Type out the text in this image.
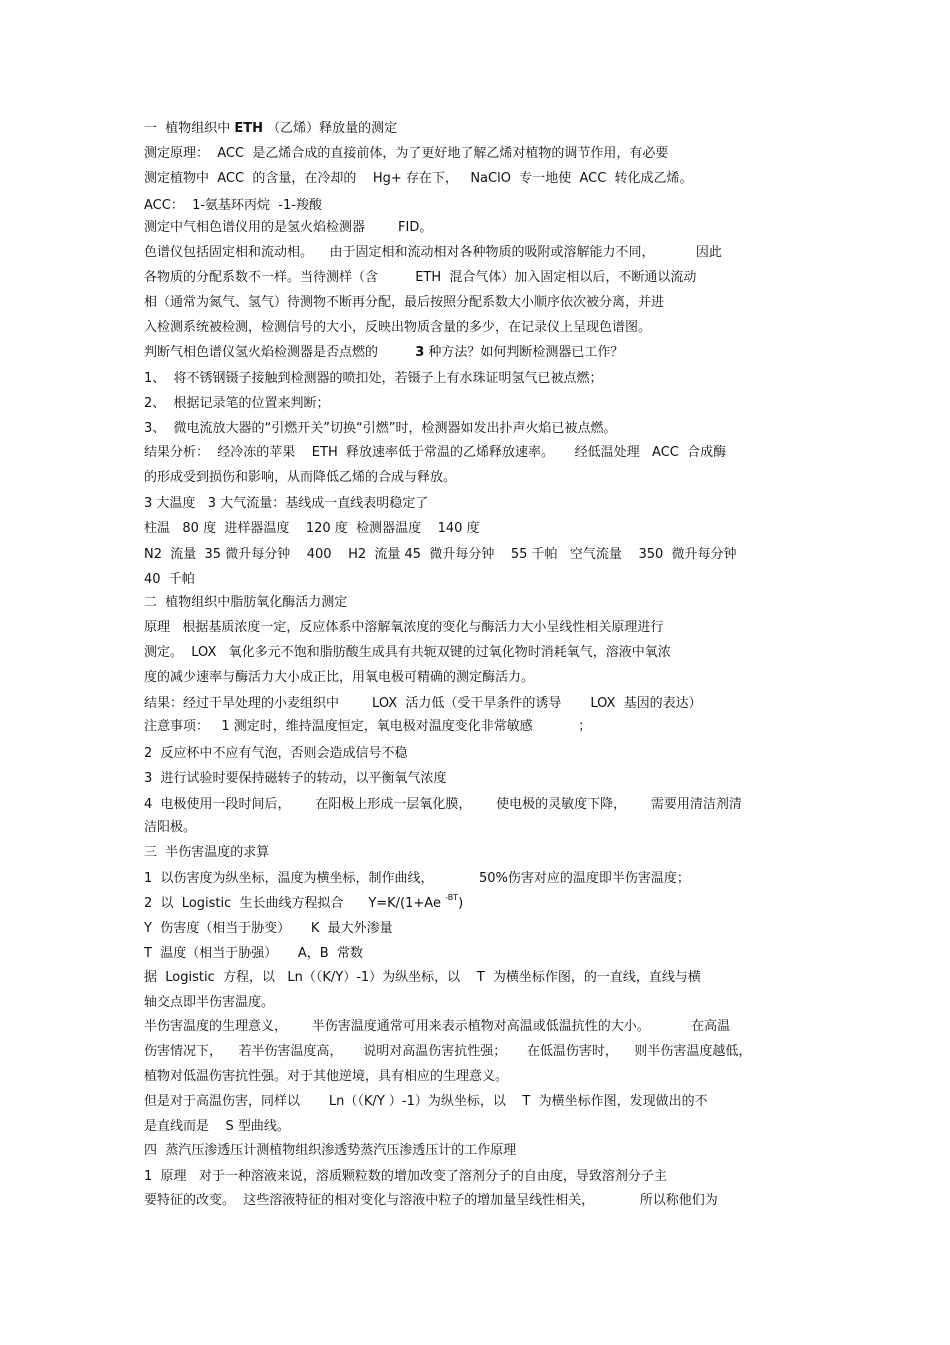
一  植物组织中 ETH （乙烯）释放量的测定
测定原理：  ACC  是乙烯合成的直接前体，为了更好地了解乙烯对植物的调节作用，有必要
测定植物中  ACC  的含量，在冷却的    Hg+ 存在下，   NaClO  专一地使  ACC  转化成乙烯。
ACC：  1-氨基环丙烷  -1-羧酸
测定中气相色谱仪用的是氢火焰检测器        FID。
色谱仪包括固定相和流动相。    由于固定相和流动相对各种物质的吸附或溶解能力不同，          因此
各物质的分配系数不一样。当待测样（含         ETH  混合气体）加入固定相以后，不断通以流动
相（通常为氮气、氢气）待测物不断再分配，最后按照分配系数大小顺序依次被分离，并进
入检测系统被检测，检测信号的大小，反映出物质含量的多少，在记录仪上呈现色谱图。
判断气相色谱仪氢火焰检测器是否点燃的         3 种方法？如何判断检测器已工作？
1、  将不锈钢镊子接触到检测器的喷扣处，若镊子上有水珠证明氢气已被点燃；
2、  根据记录笔的位置来判断；
3、  微电流放大器的“引燃开关”切换“引燃”时，检测器如发出扑声火焰已被点燃。
结果分析：  经冷冻的苹果    ETH  释放速率低于常温的乙烯释放速率。     经低温处理   ACC  合成酶
的形成受到损伤和影响，从而降低乙烯的合成与释放。
3 大温度   3 大气流量：基线成一直线表明稳定了
柱温   80 度  进样器温度    120 度  检测器温度    140 度
N2  流量  35 微升每分钟    400    H2  流量 45  微升每分钟    55 千帕   空气流量    350  微升每分钟
40  千帕
二  植物组织中脂肪氧化酶活力测定
原理   根据基质浓度一定，反应体系中溶解氧浓度的变化与酶活力大小呈线性相关原理进行
测定。  LOX   氧化多元不饱和脂肪酸生成具有共轭双键的过氧化物时消耗氧气，溶液中氧浓
度的减少速率与酶活力大小成正比，用氧电极可精确的测定酶活力。
结果：经过干旱处理的小麦组织中        LOX  活力低（受干旱条件的诱导       LOX  基因的表达）
注意事项：   1 测定时，维持温度恒定，氧电极对温度变化非常敏感           ；
2  反应杯中不应有气泡，否则会造成信号不稳
3  进行试验时要保持磁转子的转动，以平衡氧气浓度
4  电极使用一段时间后，      在阳极上形成一层氧化膜，      使电极的灵敏度下降，      需要用清洁剂清
洁阳极。
三  半伤害温度的求算
1  以伤害度为纵坐标，温度为横坐标，制作曲线，           50%伤害对应的温度即半伤害温度；
2  以  Logistic  生长曲线方程拟合      Y=K/(1+Ae $^{-BT}$)
Y  伤害度（相当于胁变）     K  最大外渗量
T  温度（相当于胁强）     A，B  常数
据  Logistic  方程，以   Ln（（K/Y）-1）为纵坐标，以    T  为横坐标作图，的一直线，直线与横
轴交点即半伤害温度。
半伤害温度的生理意义，      半伤害温度通常可用来表示植物对高温或低温抗性的大小。          在高温
伤害情况下，    若半伤害温度高，     说明对高温伤害抗性强；     在低温伤害时，    则半伤害温度越低，
植物对低温伤害抗性强。对于其他逆境，具有相应的生理意义。
但是对于高温伤害，同样以       Ln（（K/Y ）-1）为纵坐标，以    T  为横坐标作图，发现做出的不
是直线而是    S 型曲线。
四  蒸汽压渗透压计测植物组织渗透势蒸汽压渗透压计的工作原理
1  原理   对于一种溶液来说，溶质颗粒数的增加改变了溶剂分子的自由度，导致溶剂分子主
要特征的改变。  这些溶液特征的相对变化与溶液中粒子的增加量呈线性相关，           所以称他们为
